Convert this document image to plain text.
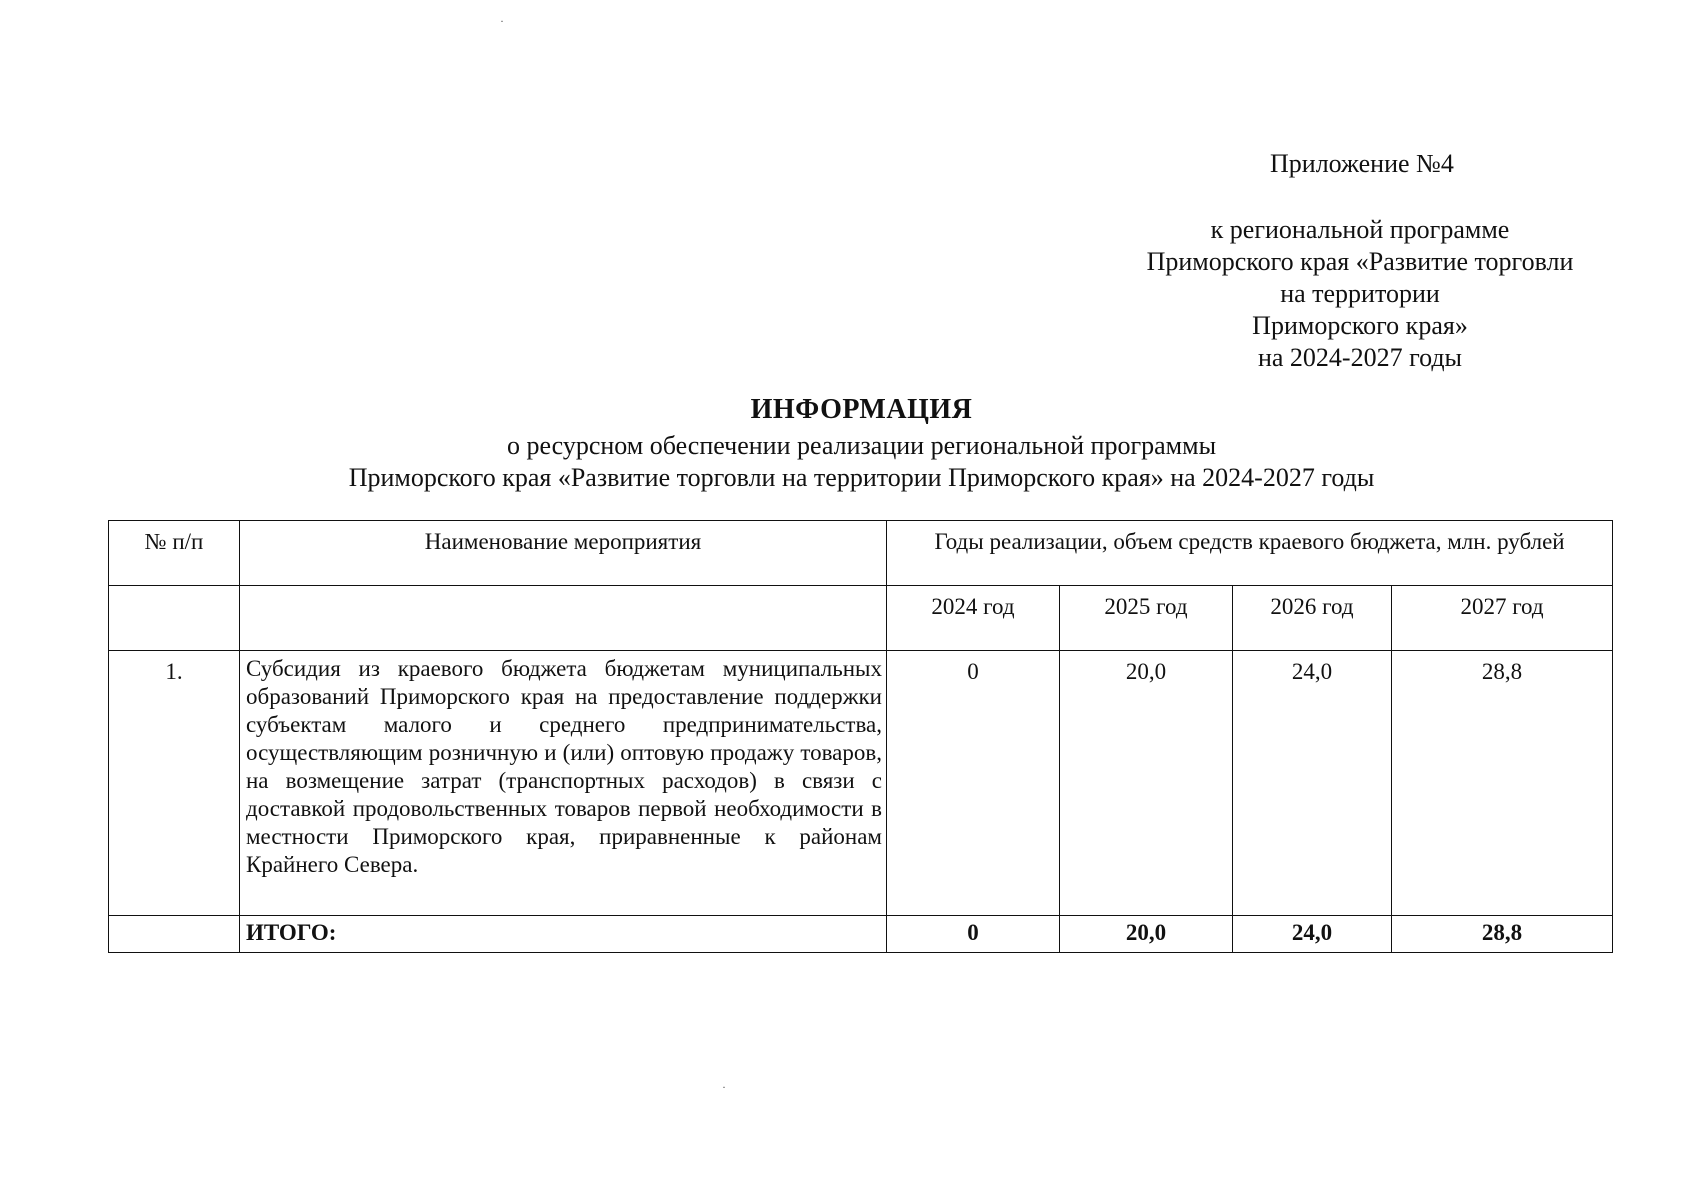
·
·
Приложение №4
к региональной программе
Приморского края «Развитие торговли
на территории
Приморского края»
на 2024-2027 годы
ИНФОРМАЦИЯ
о ресурсном обеспечении реализации региональной программы
Приморского края «Развитие торговли на территории Приморского края» на 2024-2027 годы
№ п/п	Наименование мероприятия	Годы реализации, объем средств краевого бюджета, млн. рублей			
		2024 год	2025 год	2026 год	2027 год
1.	Субсидия из краевого бюджета бюджетам муниципальных образований Приморского края на предоставление поддержки субъектам малого и среднего предпринимательства, осуществляющим розничную и (или) оптовую продажу товаров, на возмещение затрат (транспортных расходов) в связи с доставкой продовольственных товаров первой необходимости в местности Приморского края, приравненные к районам Крайнего Севера.	0	20,0	24,0	28,8
	ИТОГО:	0	20,0	24,0	28,8
